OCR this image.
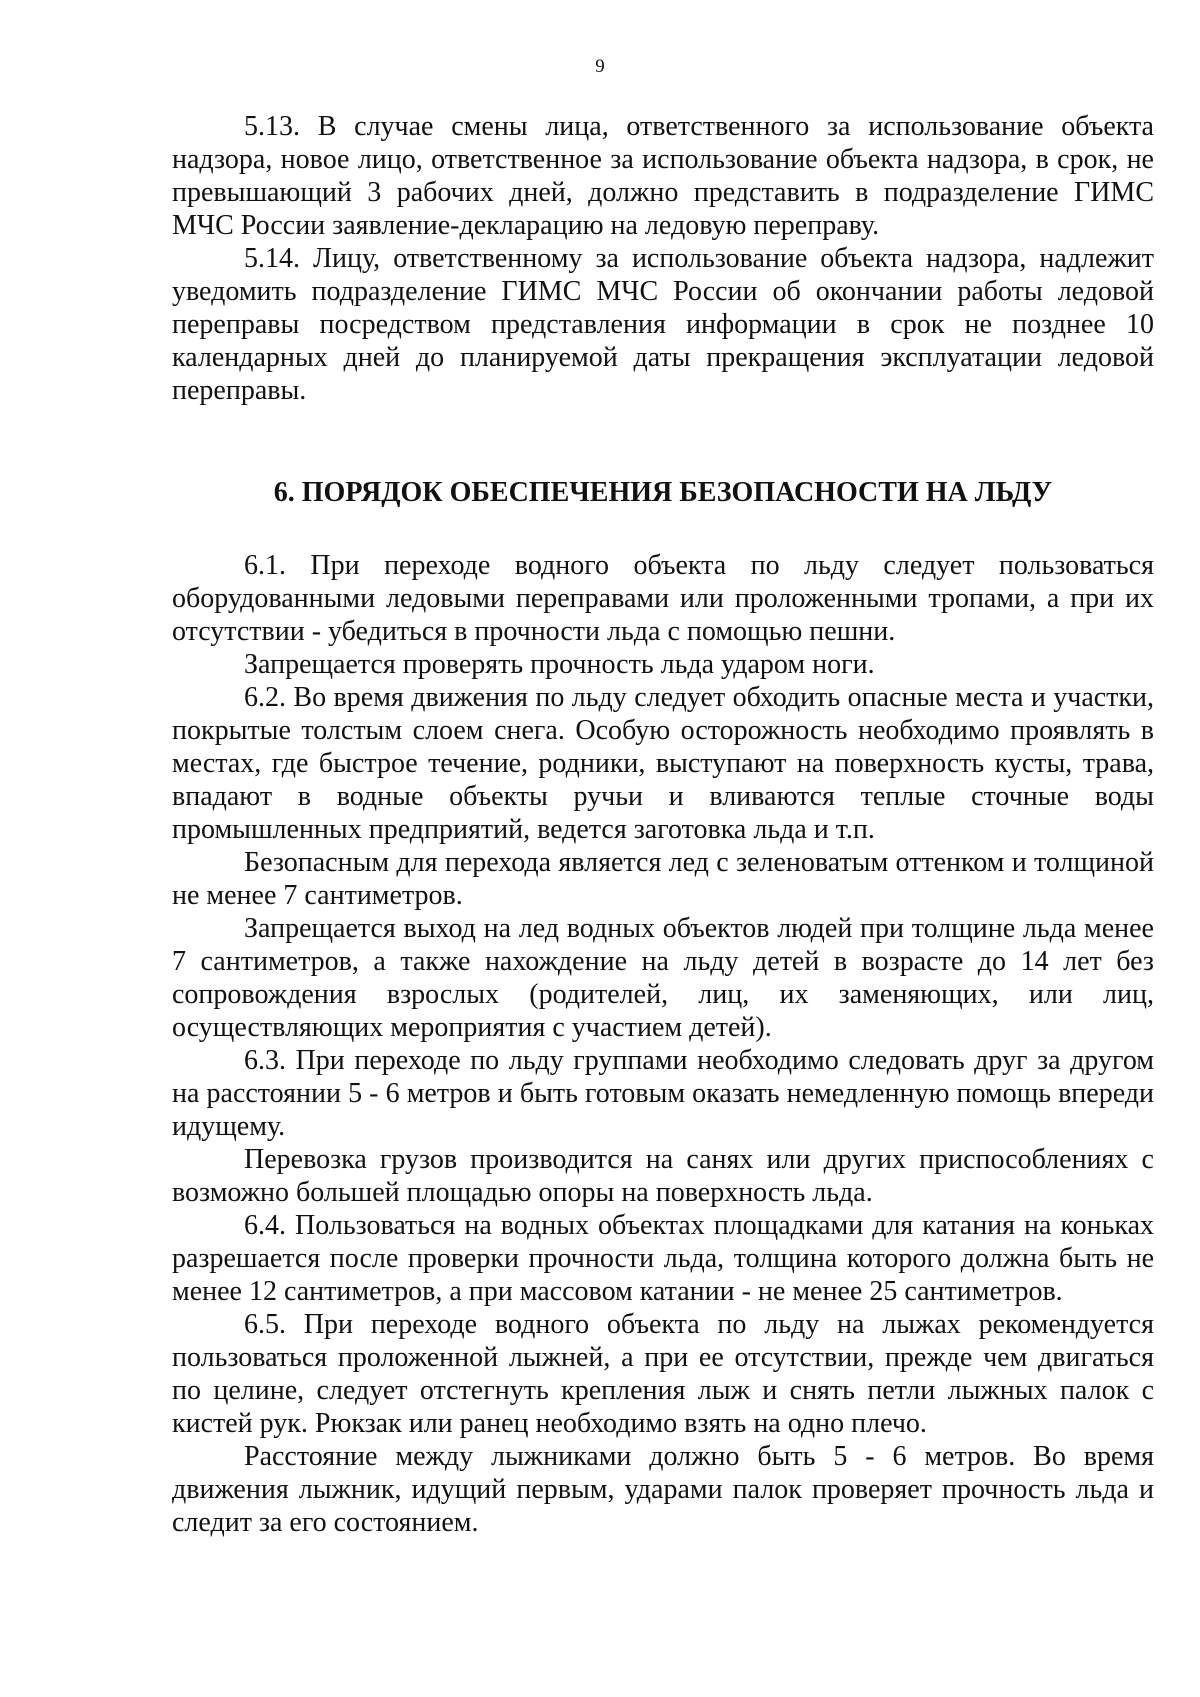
9

5.13. В случае смены лица, ответственного за использование объекта надзора, новое лицо, ответственное за использование объекта надзора, в срок, не превышающий 3 рабочих дней, должно представить в подразделение ГИМС МЧС России заявление-декларацию на ледовую переправу.

5.14. Лицу, ответственному за использование объекта надзора, надлежит уведомить подразделение ГИМС МЧС России об окончании работы ледовой переправы посредством представления информации в срок не позднее 10 календарных дней до планируемой даты прекращения эксплуатации ледовой переправы.

6. ПОРЯДОК ОБЕСПЕЧЕНИЯ БЕЗОПАСНОСТИ НА ЛЬДУ

6.1. При переходе водного объекта по льду следует пользоваться оборудованными ледовыми переправами или проложенными тропами, а при их отсутствии - убедиться в прочности льда с помощью пешни.

Запрещается проверять прочность льда ударом ноги.

6.2. Во время движения по льду следует обходить опасные места и участки, покрытые толстым слоем снега. Особую осторожность необходимо проявлять в местах, где быстрое течение, родники, выступают на поверхность кусты, трава, впадают в водные объекты ручьи и вливаются теплые сточные воды промышленных предприятий, ведется заготовка льда и т.п.

Безопасным для перехода является лед с зеленоватым оттенком и толщиной не менее 7 сантиметров.

Запрещается выход на лед водных объектов людей при толщине льда менее 7 сантиметров, а также нахождение на льду детей в возрасте до 14 лет без сопровождения взрослых (родителей, лиц, их заменяющих, или лиц, осуществляющих мероприятия с участием детей).

6.3. При переходе по льду группами необходимо следовать друг за другом на расстоянии 5 - 6 метров и быть готовым оказать немедленную помощь впереди идущему.

Перевозка грузов производится на санях или других приспособлениях с возможно большей площадью опоры на поверхность льда.

6.4. Пользоваться на водных объектах площадками для катания на коньках разрешается после проверки прочности льда, толщина которого должна быть не менее 12 сантиметров, а при массовом катании - не менее 25 сантиметров.

6.5. При переходе водного объекта по льду на лыжах рекомендуется пользоваться проложенной лыжней, а при ее отсутствии, прежде чем двигаться по целине, следует отстегнуть крепления лыж и снять петли лыжных палок с кистей рук. Рюкзак или ранец необходимо взять на одно плечо.

Расстояние между лыжниками должно быть 5 - 6 метров. Во время движения лыжник, идущий первым, ударами палок проверяет прочность льда и следит за его состоянием.
